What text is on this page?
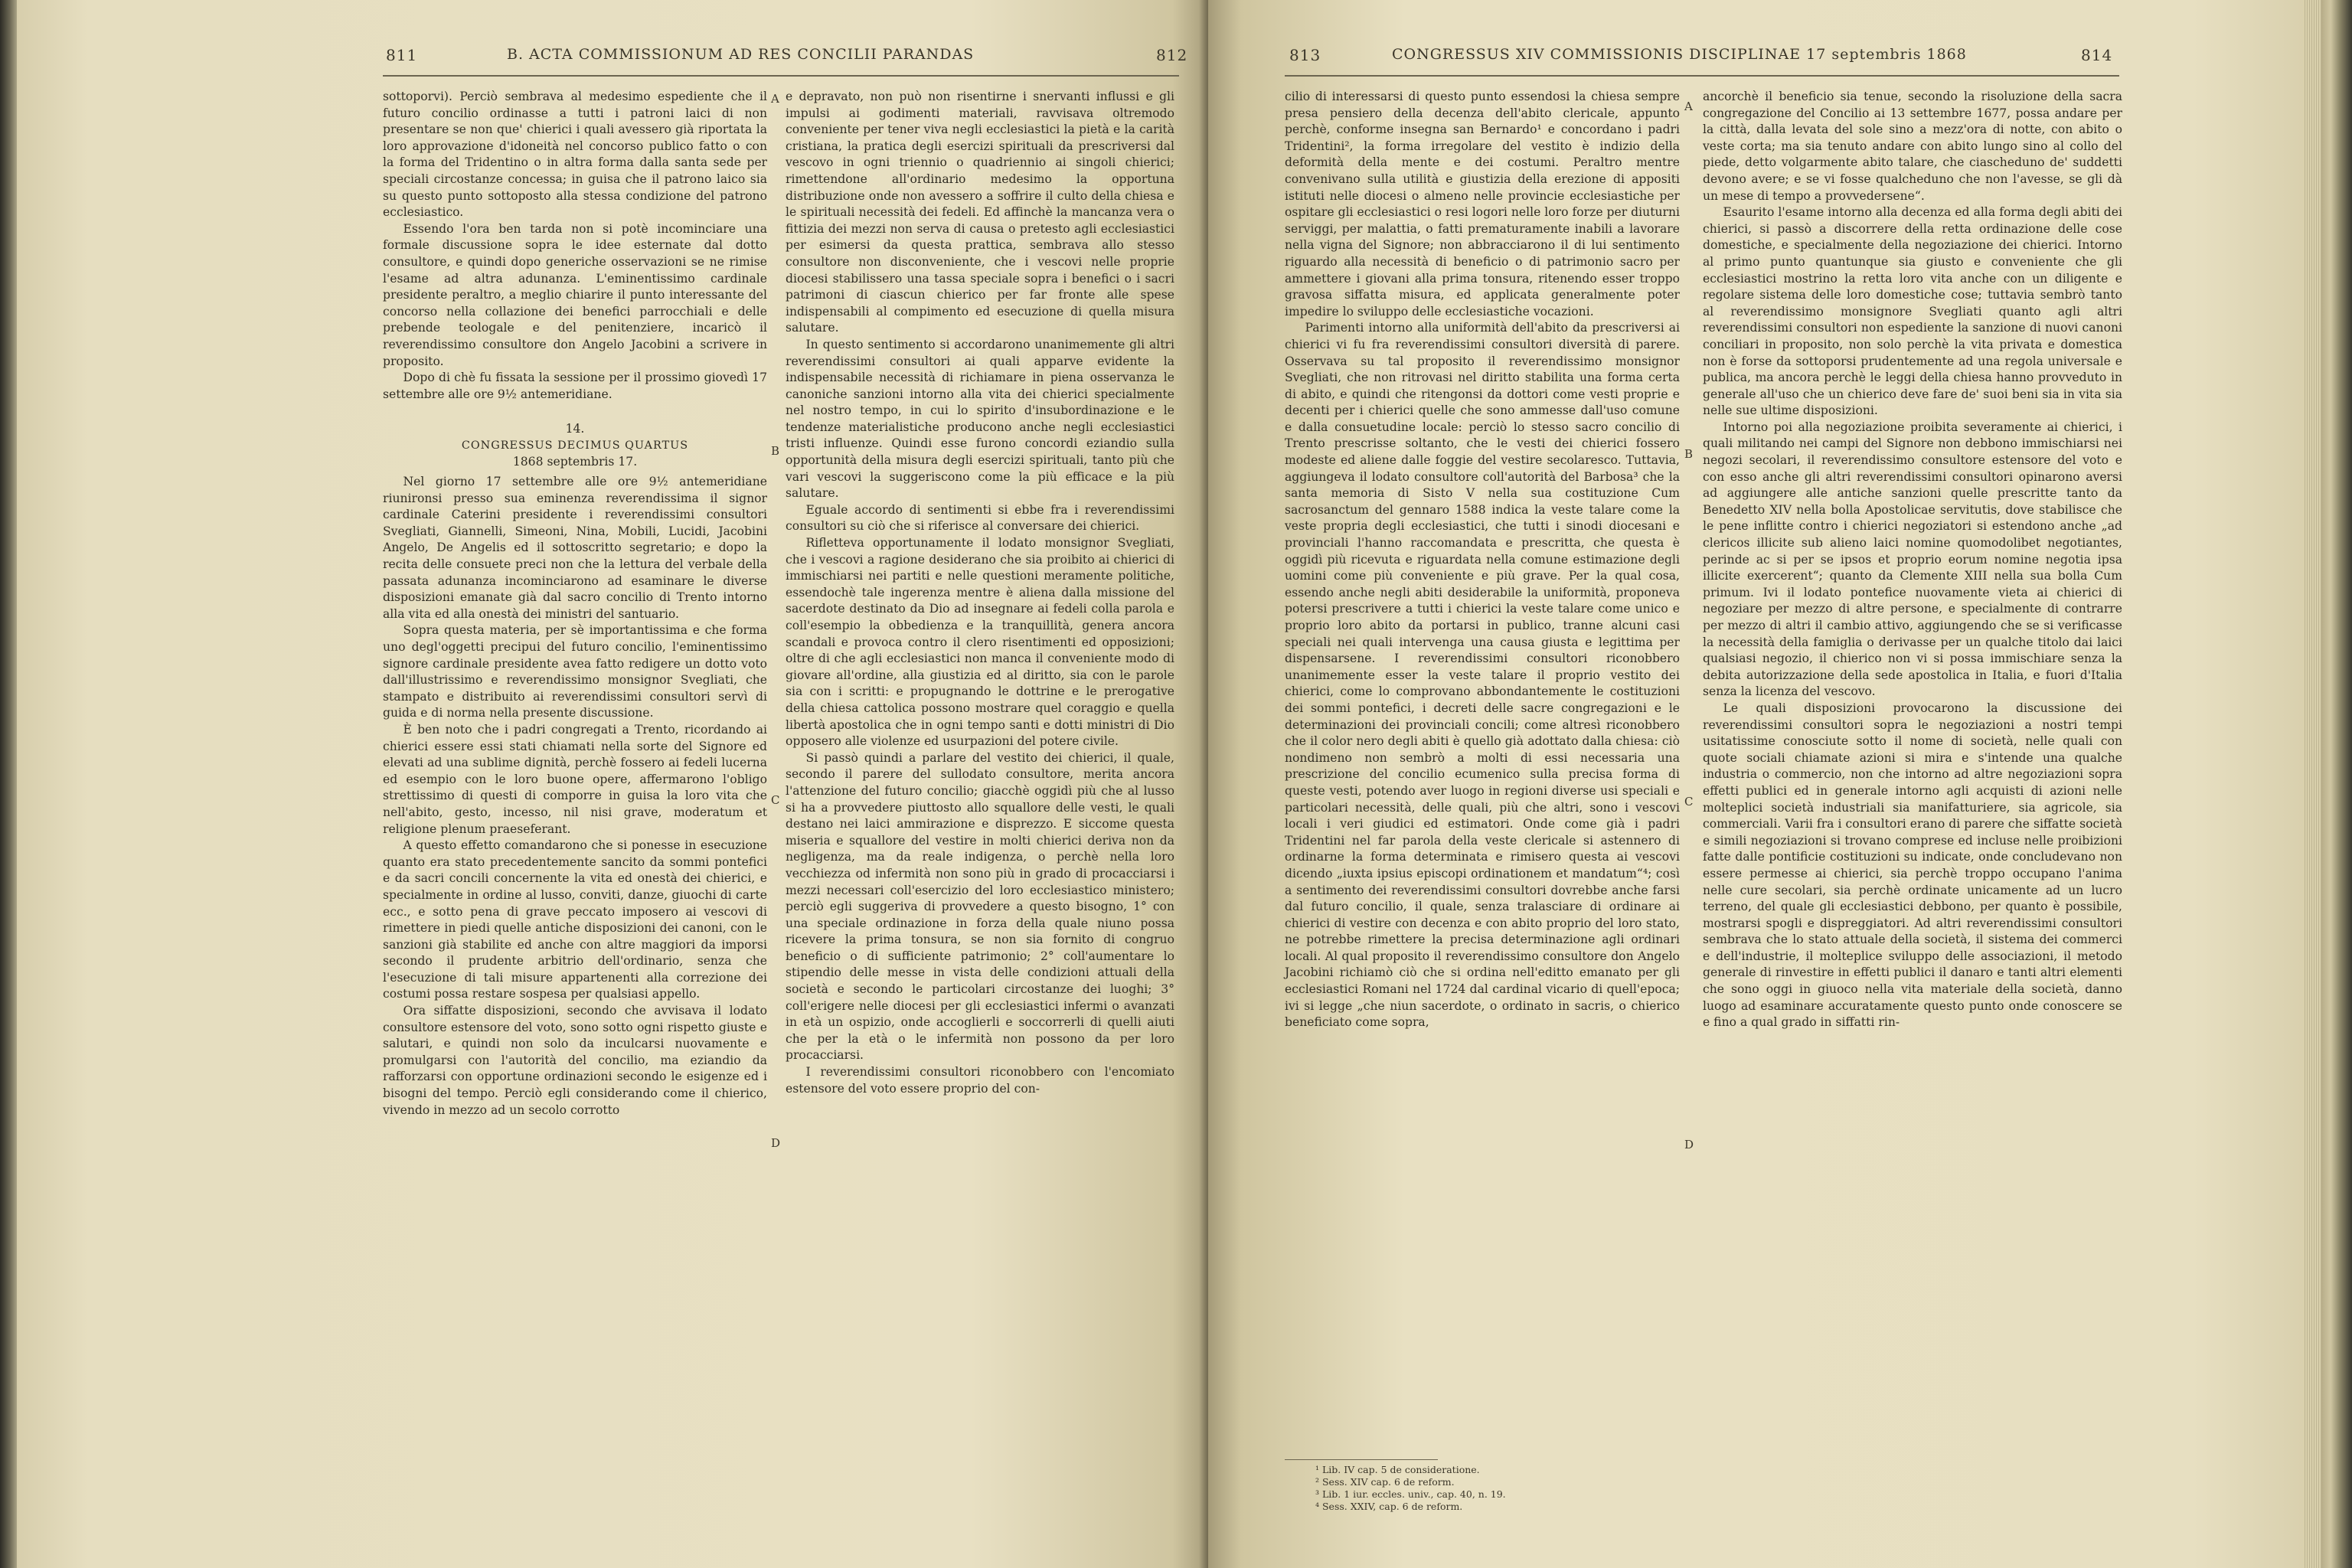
811	B. ACTA COMMISSIONUM AD RES CONCILII PARANDAS	812

sottoporvi). Perciò sembrava al medesimo espediente che il futuro concilio ordinasse a tutti i patroni laici di non presentare se non que' chierici i quali avessero già riportata la loro approvazione d'idoneità nel concorso publico fatto o con la forma del Tridentino o in altra forma dalla santa sede per speciali circostanze concessa; in guisa che il patrono laico sia su questo punto sottoposto alla stessa condizione del patrono ecclesiastico.

Essendo l'ora ben tarda non si potè incominciare una formale discussione sopra le idee esternate dal dotto consultore, e quindi dopo generiche osservazioni se ne rimise l'esame ad altra adunanza. L'eminentissimo cardinale presidente peraltro, a meglio chiarire il punto interessante del concorso nella collazione dei benefici parrocchiali e delle prebende teologale e del penitenziere, incaricò il reverendissimo consultore don Angelo Jacobini a scrivere in proposito.

Dopo di chè fu fissata la sessione per il prossimo giovedì 17 settembre alle ore 9½ antemeridiane.

14.

CONGRESSUS DECIMUS QUARTUS

1868 septembris 17.

Nel giorno 17 settembre alle ore 9½ antemeridiane riunironsi presso sua eminenza reverendissima il signor cardinale Caterini presidente i reverendissimi consultori Svegliati, Giannelli, Simeoni, Nina, Mobili, Lucidi, Jacobini Angelo, De Angelis ed il sottoscritto segretario; e dopo la recita delle consuete preci non che la lettura del verbale della passata adunanza incominciarono ad esaminare le diverse disposizioni emanate già dal sacro concilio di Trento intorno alla vita ed alla onestà dei ministri del santuario.

Sopra questa materia, per sè importantissima e che forma uno degl'oggetti precipui del futuro concilio, l'eminentissimo signore cardinale presidente avea fatto redigere un dotto voto dall'illustrissimo e reverendissimo monsignor Svegliati, che stampato e distribuito ai reverendissimi consultori servì di guida e di norma nella presente discussione.

È ben noto che i padri congregati a Trento, ricordando ai chierici essere essi stati chiamati nella sorte del Signore ed elevati ad una sublime dignità, perchè fossero ai fedeli lucerna ed esempio con le loro buone opere, affermarono l'obligo strettissimo di questi di comporre in guisa la loro vita che nell'abito, gesto, incesso, nil nisi grave, moderatum et religione plenum praeseferant.

A questo effetto comandarono che si ponesse in esecuzione quanto era stato precedentemente sancito da sommi pontefici e da sacri concili concernente la vita ed onestà dei chierici, e specialmente in ordine al lusso, conviti, danze, giuochi di carte ecc., e sotto pena di grave peccato imposero ai vescovi di rimettere in piedi quelle antiche disposizioni dei canoni, con le sanzioni già stabilite ed anche con altre maggiori da imporsi secondo il prudente arbitrio dell'ordinario, senza che l'esecuzione di tali misure appartenenti alla correzione dei costumi possa restare sospesa per qualsiasi appello.

Ora siffatte disposizioni, secondo che avvisava il lodato consultore estensore del voto, sono sotto ogni rispetto giuste e salutari, e quindi non solo da inculcarsi nuovamente e promulgarsi con l'autorità del concilio, ma eziandio da rafforzarsi con opportune ordinazioni secondo le esigenze ed i bisogni del tempo. Perciò egli considerando come il chierico, vivendo in mezzo ad un secolo corrotto

A
B
C
D

e depravato, non può non risentirne i snervanti influssi e gli impulsi ai godimenti materiali, ravvisava oltremodo conveniente per tener viva negli ecclesiastici la pietà e la carità cristiana, la pratica degli esercizi spirituali da prescriversi dal vescovo in ogni triennio o quadriennio ai singoli chierici; rimettendone all'ordinario medesimo la opportuna distribuzione onde non avessero a soffrire il culto della chiesa e le spirituali necessità dei fedeli. Ed affinchè la mancanza vera o fittizia dei mezzi non serva di causa o pretesto agli ecclesiastici per esimersi da questa prattica, sembrava allo stesso consultore non disconveniente, che i vescovi nelle proprie diocesi stabilissero una tassa speciale sopra i benefici o i sacri patrimoni di ciascun chierico per far fronte alle spese indispensabili al compimento ed esecuzione di quella misura salutare.

In questo sentimento si accordarono unanimemente gli altri reverendissimi consultori ai quali apparve evidente la indispensabile necessità di richiamare in piena osservanza le canoniche sanzioni intorno alla vita dei chierici specialmente nel nostro tempo, in cui lo spirito d'insubordinazione e le tendenze materialistiche producono anche negli ecclesiastici tristi influenze. Quindi esse furono concordi eziandio sulla opportunità della misura degli esercizi spirituali, tanto più che vari vescovi la suggeriscono come la più efficace e la più salutare.

Eguale accordo di sentimenti si ebbe fra i reverendissimi consultori su ciò che si riferisce al conversare dei chierici.

Rifletteva opportunamente il lodato monsignor Svegliati, che i vescovi a ragione desiderano che sia proibito ai chierici di immischiarsi nei partiti e nelle questioni meramente politiche, essendochè tale ingerenza mentre è aliena dalla missione del sacerdote destinato da Dio ad insegnare ai fedeli colla parola e coll'esempio la obbedienza e la tranquillità, genera ancora scandali e provoca contro il clero risentimenti ed opposizioni; oltre di che agli ecclesiastici non manca il conveniente modo di giovare all'ordine, alla giustizia ed al diritto, sia con le parole sia con i scritti: e propugnando le dottrine e le prerogative della chiesa cattolica possono mostrare quel coraggio e quella libertà apostolica che in ogni tempo santi e dotti ministri di Dio opposero alle violenze ed usurpazioni del potere civile.

Si passò quindi a parlare del vestito dei chierici, il quale, secondo il parere del sullodato consultore, merita ancora l'attenzione del futuro concilio; giacchè oggidì più che al lusso si ha a provvedere piuttosto allo squallore delle vesti, le quali destano nei laici ammirazione e disprezzo. E siccome questa miseria e squallore del vestire in molti chierici deriva non da negligenza, ma da reale indigenza, o perchè nella loro vecchiezza od infermità non sono più in grado di procacciarsi i mezzi necessari coll'esercizio del loro ecclesiastico ministero; perciò egli suggeriva di provvedere a questo bisogno, 1° con una speciale ordinazione in forza della quale niuno possa ricevere la prima tonsura, se non sia fornito di congruo beneficio o di sufficiente patrimonio; 2° coll'aumentare lo stipendio delle messe in vista delle condizioni attuali della società e secondo le particolari circostanze dei luoghi; 3° coll'erigere nelle diocesi per gli ecclesiastici infermi o avanzati in età un ospizio, onde accoglierli e soccorrerli di quelli aiuti che per la età o le infermità non possono da per loro procacciarsi.

I reverendissimi consultori riconobbero con l'encomiato estensore del voto essere proprio del con-

813	CONGRESSUS XIV COMMISSIONIS DISCIPLINAE 17 septembris 1868	814

cilio di interessarsi di questo punto essendosi la chiesa sempre presa pensiero della decenza dell'abito clericale, appunto perchè, conforme insegna san Bernardo¹ e concordano i padri Tridentini², la forma irregolare del vestito è indizio della deformità della mente e dei costumi. Peraltro mentre convenivano sulla utilità e giustizia della erezione di appositi istituti nelle diocesi o almeno nelle provincie ecclesiastiche per ospitare gli ecclesiastici o resi logori nelle loro forze per diuturni serviggi, per malattia, o fatti prematuramente inabili a lavorare nella vigna del Signore; non abbracciarono il di lui sentimento riguardo alla necessità di beneficio o di patrimonio sacro per ammettere i giovani alla prima tonsura, ritenendo esser troppo gravosa siffatta misura, ed applicata generalmente poter impedire lo sviluppo delle ecclesiastiche vocazioni.

Parimenti intorno alla uniformità dell'abito da prescriversi ai chierici vi fu fra reverendissimi consultori diversità di parere. Osservava su tal proposito il reverendissimo monsignor Svegliati, che non ritrovasi nel diritto stabilita una forma certa di abito, e quindi che ritengonsi da dottori come vesti proprie e decenti per i chierici quelle che sono ammesse dall'uso comune e dalla consuetudine locale: perciò lo stesso sacro concilio di Trento prescrisse soltanto, che le vesti dei chierici fossero modeste ed aliene dalle foggie del vestire secolaresco. Tuttavia, aggiungeva il lodato consultore coll'autorità del Barbosa³ che la santa memoria di Sisto V nella sua costituzione Cum sacrosanctum del gennaro 1588 indica la veste talare come la veste propria degli ecclesiastici, che tutti i sinodi diocesani e provinciali l'hanno raccomandata e prescritta, che questa è oggidì più ricevuta e riguardata nella comune estimazione degli uomini come più conveniente e più grave. Per la qual cosa, essendo anche negli abiti desiderabile la uniformità, proponeva potersi prescrivere a tutti i chierici la veste talare come unico e proprio loro abito da portarsi in publico, tranne alcuni casi speciali nei quali intervenga una causa giusta e legittima per dispensarsene. I reverendissimi consultori riconobbero unanimemente esser la veste talare il proprio vestito dei chierici, come lo comprovano abbondantemente le costituzioni dei sommi pontefici, i decreti delle sacre congregazioni e le determinazioni dei provinciali concili; come altresì riconobbero che il color nero degli abiti è quello già adottato dalla chiesa: ciò nondimeno non sembrò a molti di essi necessaria una prescrizione del concilio ecumenico sulla precisa forma di queste vesti, potendo aver luogo in regioni diverse usi speciali e particolari necessità, delle quali, più che altri, sono i vescovi locali i veri giudici ed estimatori. Onde come già i padri Tridentini nel far parola della veste clericale si astennero di ordinarne la forma determinata e rimisero questa ai vescovi dicendo „iuxta ipsius episcopi ordinationem et mandatum“⁴; così a sentimento dei reverendissimi consultori dovrebbe anche farsi dal futuro concilio, il quale, senza tralasciare di ordinare ai chierici di vestire con decenza e con abito proprio del loro stato, ne potrebbe rimettere la precisa determinazione agli ordinari locali. Al qual proposito il reverendissimo consultore don Angelo Jacobini richiamò ciò che si ordina nell'editto emanato per gli ecclesiastici Romani nel 1724 dal cardinal vicario di quell'epoca; ivi si legge „che niun sacerdote, o ordinato in sacris, o chierico beneficiato come sopra,

¹ Lib. IV cap. 5 de consideratione.
² Sess. XIV cap. 6 de reform.
³ Lib. 1 iur. eccles. univ., cap. 40, n. 19.
⁴ Sess. XXIV, cap. 6 de reform.
A
B
C
D

ancorchè il beneficio sia tenue, secondo la risoluzione della sacra congregazione del Concilio ai 13 settembre 1677, possa andare per la città, dalla levata del sole sino a mezz'ora di notte, con abito o veste corta; ma sia tenuto andare con abito lungo sino al collo del piede, detto volgarmente abito talare, che ciascheduno de' suddetti devono avere; e se vi fosse qualcheduno che non l'avesse, se gli dà un mese di tempo a provvedersene“.

Esaurito l'esame intorno alla decenza ed alla forma degli abiti dei chierici, si passò a discorrere della retta ordinazione delle cose domestiche, e specialmente della negoziazione dei chierici. Intorno al primo punto quantunque sia giusto e conveniente che gli ecclesiastici mostrino la retta loro vita anche con un diligente e regolare sistema delle loro domestiche cose; tuttavia sembrò tanto al reverendissimo monsignore Svegliati quanto agli altri reverendissimi consultori non espediente la sanzione di nuovi canoni conciliari in proposito, non solo perchè la vita privata e domestica non è forse da sottoporsi prudentemente ad una regola universale e publica, ma ancora perchè le leggi della chiesa hanno provveduto in generale all'uso che un chierico deve fare de' suoi beni sia in vita sia nelle sue ultime disposizioni.

Intorno poi alla negoziazione proibita severamente ai chierici, i quali militando nei campi del Signore non debbono immischiarsi nei negozi secolari, il reverendissimo consultore estensore del voto e con esso anche gli altri reverendissimi consultori opinarono aversi ad aggiungere alle antiche sanzioni quelle prescritte tanto da Benedetto XIV nella bolla Apostolicae servitutis, dove stabilisce che le pene inflitte contro i chierici negoziatori si estendono anche „ad clericos illicite sub alieno laici nomine quomodolibet negotiantes, perinde ac si per se ipsos et proprio eorum nomine negotia ipsa illicite exercerent“; quanto da Clemente XIII nella sua bolla Cum primum. Ivi il lodato pontefice nuovamente vieta ai chierici di negoziare per mezzo di altre persone, e specialmente di contrarre per mezzo di altri il cambio attivo, aggiungendo che se si verificasse la necessità della famiglia o derivasse per un qualche titolo dai laici qualsiasi negozio, il chierico non vi si possa immischiare senza la debita autorizzazione della sede apostolica in Italia, e fuori d'Italia senza la licenza del vescovo.

Le quali disposizioni provocarono la discussione dei reverendissimi consultori sopra le negoziazioni a nostri tempi usitatissime conosciute sotto il nome di società, nelle quali con quote sociali chiamate azioni si mira e s'intende una qualche industria o commercio, non che intorno ad altre negoziazioni sopra effetti publici ed in generale intorno agli acquisti di azioni nelle molteplici società industriali sia manifatturiere, sia agricole, sia commerciali. Varii fra i consultori erano di parere che siffatte società e simili negoziazioni si trovano comprese ed incluse nelle proibizioni fatte dalle pontificie costituzioni su indicate, onde concludevano non essere permesse ai chierici, sia perchè troppo occupano l'anima nelle cure secolari, sia perchè ordinate unicamente ad un lucro terreno, del quale gli ecclesiastici debbono, per quanto è possibile, mostrarsi spogli e dispreggiatori. Ad altri reverendissimi consultori sembrava che lo stato attuale della società, il sistema dei commerci e dell'industrie, il molteplice sviluppo delle associazioni, il metodo generale di rinvestire in effetti publici il danaro e tanti altri elementi che sono oggi in giuoco nella vita materiale della società, danno luogo ad esaminare accuratamente questo punto onde conoscere se e fino a qual grado in siffatti rin-
